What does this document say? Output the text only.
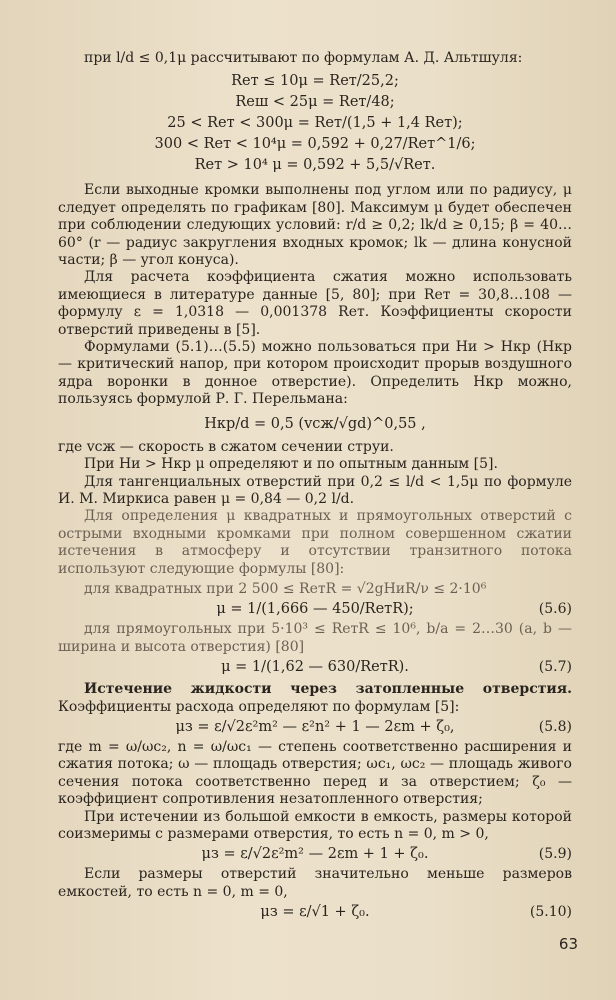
при l/d ≤ 0,1μ рассчитывают по формулам А. Д. Альтшуля:

Reт ≤ 10μ = Reт/25,2;

Reш < 25μ = Reт/48;

25 < Reт < 300μ = Reт/(1,5 + 1,4 Reт);

300 < Reт < 10⁴μ = 0,592 + 0,27/Reт^1/6;

Reт > 10⁴ μ = 0,592 + 5,5/√Reт.

Если выходные кромки выполнены под углом или по радиусу, μ следует определять по графикам [80]. Максимум μ будет обеспечен при соблюдении следующих условий: r/d ≥ 0,2; lk/d ≥ 0,15; β = 40…60° (r — радиус закругления входных кромок; lk — длина конусной части; β — угол конуса).

Для расчета коэффициента сжатия можно использовать имеющиеся в литературе данные [5, 80]; при Reт = 30,8…108 — формулу ε = 1,0318 — 0,001378 Reт. Коэффициенты скорости отверстий приведены в [5].

Формулами (5.1)…(5.5) можно пользоваться при Hи > Hкр (Hкр — критический напор, при котором происходит прорыв воздушного ядра воронки в донное отверстие). Определить Hкр можно, пользуясь формулой Р. Г. Перельмана:

Hкр/d = 0,5 (vсж/√gd)^0,55 ,

где vсж — скорость в сжатом сечении струи.

При Hи > Hкр μ определяют и по опытным данным [5].

Для тангенциальных отверстий при 0,2 ≤ l/d < 1,5μ по формуле И. М. Миркиса равен μ = 0,84 — 0,2 l/d.

Для определения μ квадратных и прямоугольных отверстий с острыми входными кромками при полном совершенном сжатии истечения в атмосферу и отсутствии транзитного потока используют следующие формулы [80]:

для квадратных при 2 500 ≤ ReтR = √2gHиR/ν ≤ 2·10⁶

μ = 1/(1,666 — 450/ReтR);	(5.6)

для прямоугольных при 5·10³ ≤ ReтR ≤ 10⁶, b/a = 2…30 (a, b — ширина и высота отверстия) [80]

μ = 1/(1,62 — 630/ReтR).	(5.7)

Истечение жидкости через затопленные отверстия. Коэффициенты расхода определяют по формулам [5]:

μз = ε/√2ε²m² — ε²n² + 1 — 2εm + ζ₀,	(5.8)

где m = ω/ωс₂, n = ω/ωс₁ — степень соответственно расширения и сжатия потока; ω — площадь отверстия; ωс₁, ωс₂ — площадь живого сечения потока соответственно перед и за отверстием; ζ₀ — коэффициент сопротивления незатопленного отверстия;

При истечении из большой емкости в емкость, размеры которой соизмеримы с размерами отверстия, то есть n = 0, m > 0,

μз = ε/√2ε²m² — 2εm + 1 + ζ₀.	(5.9)

Если размеры отверстий значительно меньше размеров емкостей, то есть n = 0, m = 0,

μз = ε/√1 + ζ₀.	(5.10)
63
